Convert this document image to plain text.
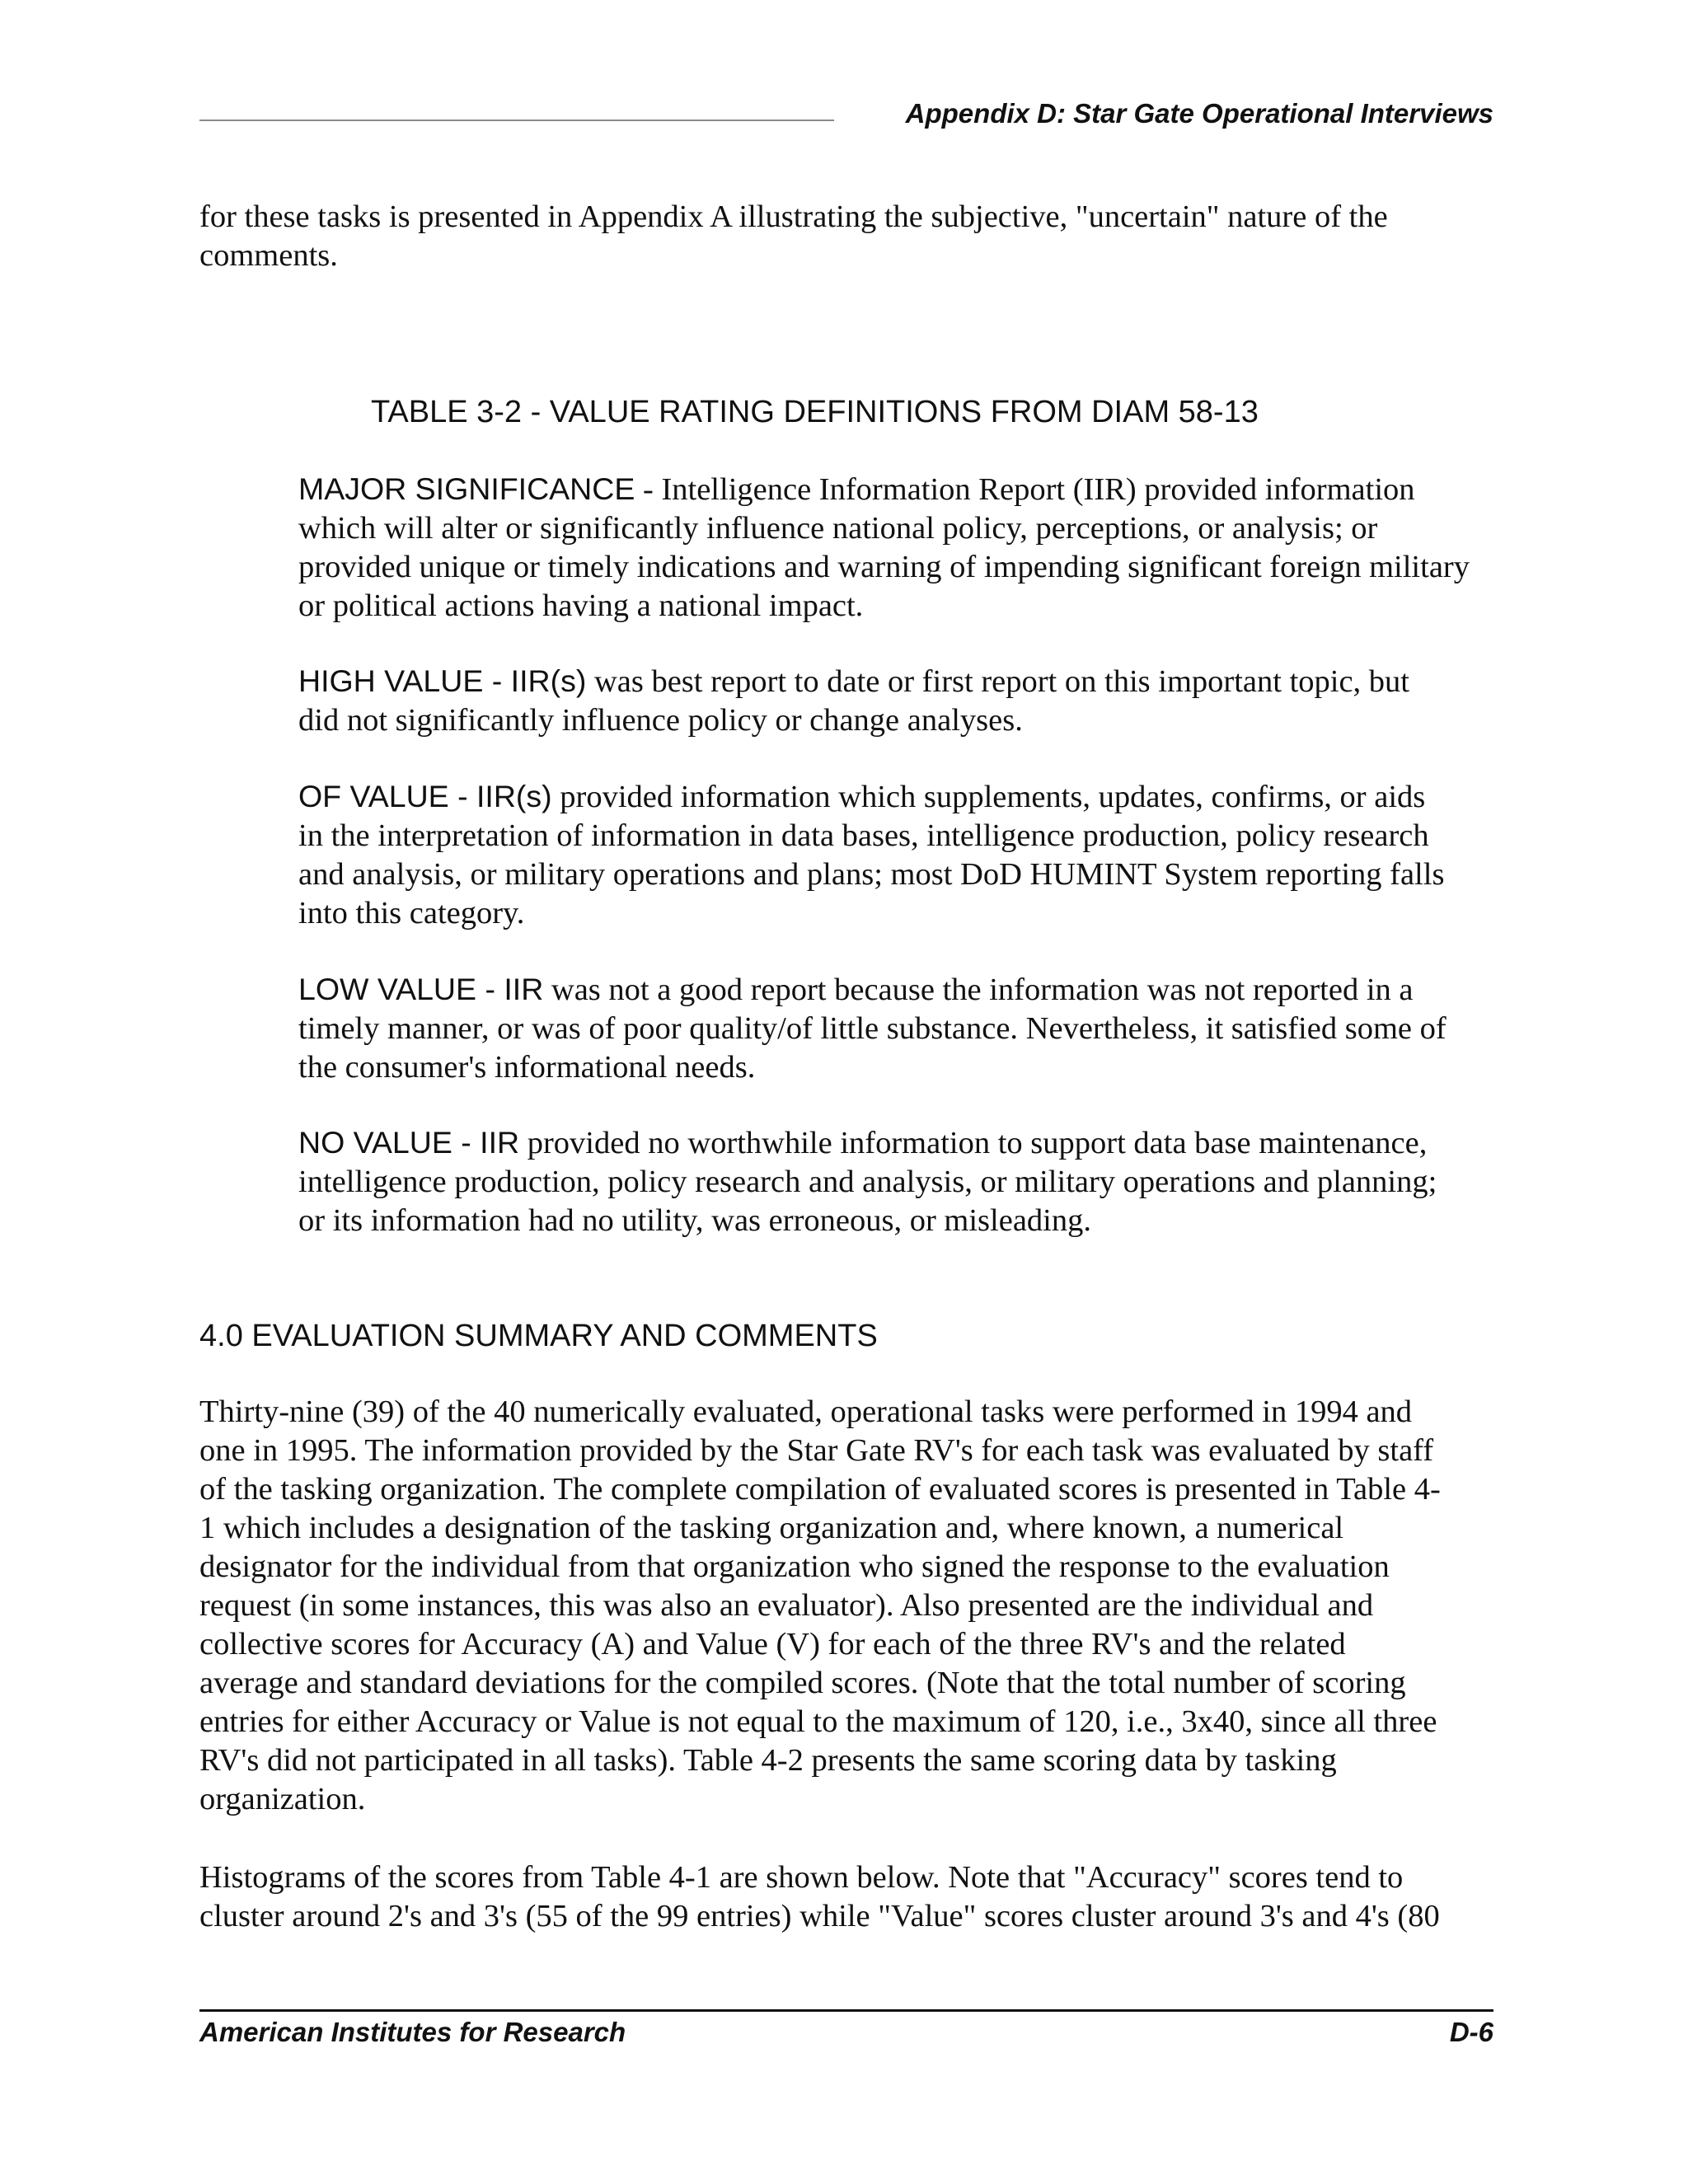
Appendix D: Star Gate Operational Interviews
for these tasks is presented in Appendix A illustrating the subjective, "uncertain" nature of the
comments.
TABLE 3-2 - VALUE RATING DEFINITIONS FROM DIAM 58-13
MAJOR SIGNIFICANCE - Intelligence Information Report (IIR) provided information
which will alter or significantly influence national policy, perceptions, or analysis; or
provided unique or timely indications and warning of impending significant foreign military
or political actions having a national impact.
HIGH VALUE - IIR(s) was best report to date or first report on this important topic, but
did not significantly influence policy or change analyses.
OF VALUE - IIR(s) provided information which supplements, updates, confirms, or aids
in the interpretation of information in data bases, intelligence production, policy research
and analysis, or military operations and plans; most DoD HUMINT System reporting falls
into this category.
LOW VALUE - IIR was not a good report because the information was not reported in a
timely manner, or was of poor quality/of little substance. Nevertheless, it satisfied some of
the consumer's informational needs.
NO VALUE - IIR provided no worthwhile information to support data base maintenance,
intelligence production, policy research and analysis, or military operations and planning;
or its information had no utility, was erroneous, or misleading.
4.0 EVALUATION SUMMARY AND COMMENTS
Thirty-nine (39) of the 40 numerically evaluated, operational tasks were performed in 1994 and
one in 1995. The information provided by the Star Gate RV's for each task was evaluated by staff
of the tasking organization. The complete compilation of evaluated scores is presented in Table 4-
1 which includes a designation of the tasking organization and, where known, a numerical
designator for the individual from that organization who signed the response to the evaluation
request (in some instances, this was also an evaluator). Also presented are the individual and
collective scores for Accuracy (A) and Value (V) for each of the three RV's and the related
average and standard deviations for the compiled scores. (Note that the total number of scoring
entries for either Accuracy or Value is not equal to the maximum of 120, i.e., 3x40, since all three
RV's did not participated in all tasks). Table 4-2 presents the same scoring data by tasking
organization.
Histograms of the scores from Table 4-1 are shown below. Note that "Accuracy" scores tend to
cluster around 2's and 3's (55 of the 99 entries) while "Value" scores cluster around 3's and 4's (80
American Institutes for Research	D-6
